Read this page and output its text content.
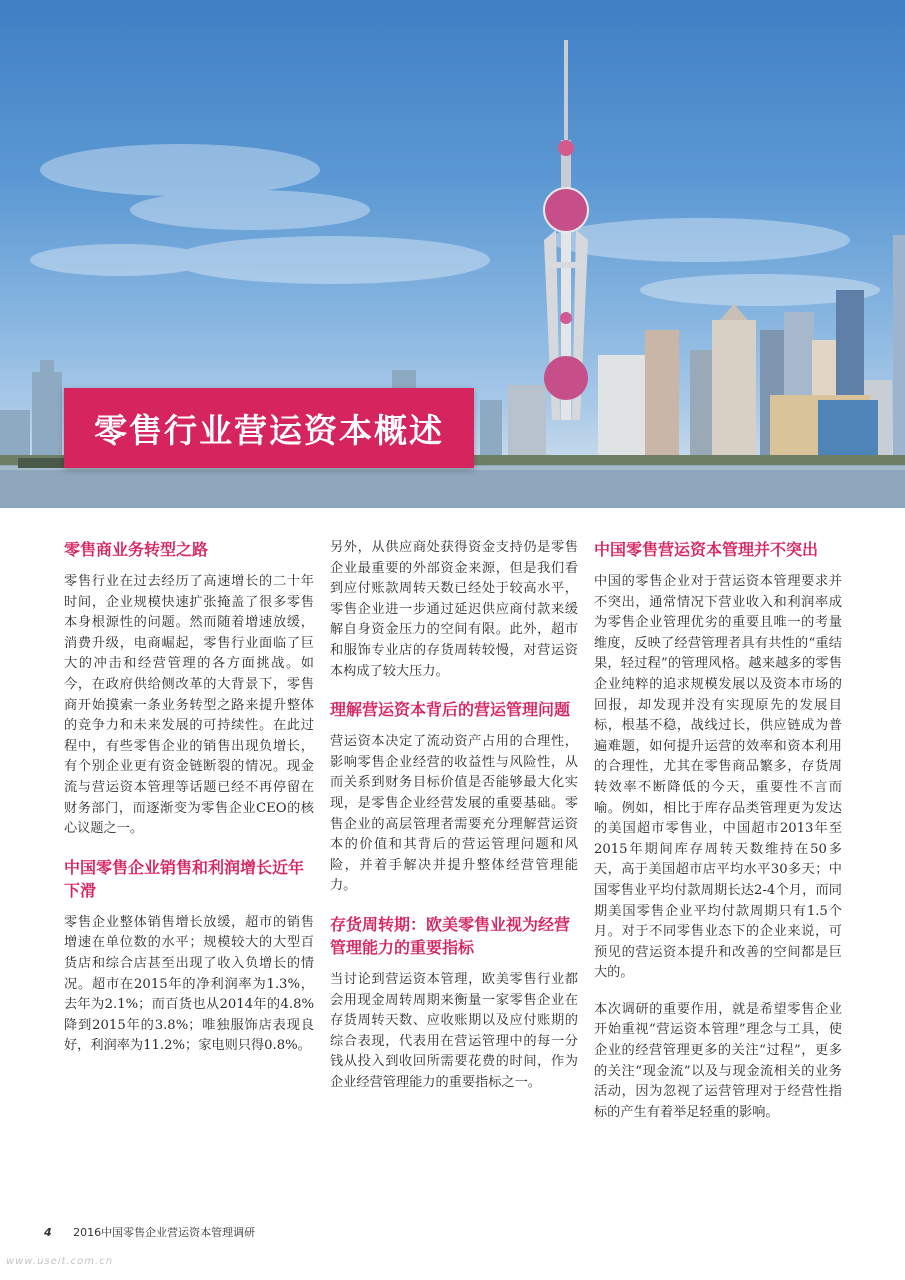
零售行业营运资本概述
零售商业务转型之路

零售行业在过去经历了高速增长的二十年时间，企业规模快速扩张掩盖了很多零售本身根源性的问题。然而随着增速放缓，消费升级，电商崛起，零售行业面临了巨大的冲击和经营管理的各方面挑战。如今，在政府供给侧改革的大背景下，零售商开始摸索一条业务转型之路来提升整体的竞争力和未来发展的可持续性。在此过程中，有些零售企业的销售出现负增长，有个别企业更有资金链断裂的情况。现金流与营运资本管理等话题已经不再停留在财务部门，而逐渐变为零售企业CEO的核心议题之一。

中国零售企业销售和利润增长近年下滑

零售企业整体销售增长放缓，超市的销售增速在单位数的水平；规模较大的大型百货店和综合店甚至出现了收入负增长的情况。超市在2015年的净利润率为1.3%，去年为2.1%；而百货也从2014年的4.8%降到2015年的3.8%；唯独服饰店表现良好，利润率为11.2%；家电则只得0.8%。

另外，从供应商处获得资金支持仍是零售企业最重要的外部资金来源，但是我们看到应付账款周转天数已经处于较高水平，零售企业进一步通过延迟供应商付款来缓解自身资金压力的空间有限。此外，超市和服饰专业店的存货周转较慢，对营运资本构成了较大压力。

理解营运资本背后的营运管理问题

营运资本决定了流动资产占用的合理性，影响零售企业经营的收益性与风险性，从而关系到财务目标价值是否能够最大化实现，是零售企业经营发展的重要基础。零售企业的高层管理者需要充分理解营运资本的价值和其背后的营运管理问题和风险，并着手解决并提升整体经营管理能力。

存货周转期：欧美零售业视为经营管理能力的重要指标

当讨论到营运资本管理，欧美零售行业都会用现金周转周期来衡量一家零售企业在存货周转天数、应收账期以及应付账期的综合表现，代表用在营运管理中的每一分钱从投入到收回所需要花费的时间，作为企业经营管理能力的重要指标之一。

中国零售营运资本管理并不突出

中国的零售企业对于营运资本管理要求并不突出，通常情况下营业收入和利润率成为零售企业管理优劣的重要且唯一的考量维度，反映了经营管理者具有共性的“重结果，轻过程”的管理风格。越来越多的零售企业纯粹的追求规模发展以及资本市场的回报，却发现并没有实现原先的发展目标，根基不稳，战线过长，供应链成为普遍难题，如何提升运营的效率和资本利用的合理性，尤其在零售商品繁多，存货周转效率不断降低的今天，重要性不言而喻。例如，相比于库存品类管理更为发达的美国超市零售业，中国超市2013年至2015年期间库存周转天数维持在50多天，高于美国超市店平均水平30多天；中国零售业平均付款周期长达2-4个月，而同期美国零售企业平均付款周期只有1.5个月。对于不同零售业态下的企业来说，可预见的营运资本提升和改善的空间都是巨大的。

本次调研的重要作用，就是希望零售企业开始重视“营运资本管理”理念与工具，使企业的经营管理更多的关注“过程”，更多的关注“现金流”以及与现金流相关的业务活动，因为忽视了运营管理对于经营性指标的产生有着举足轻重的影响。

4 2016中国零售企业营运资本管理调研
www.useit.com.cn
